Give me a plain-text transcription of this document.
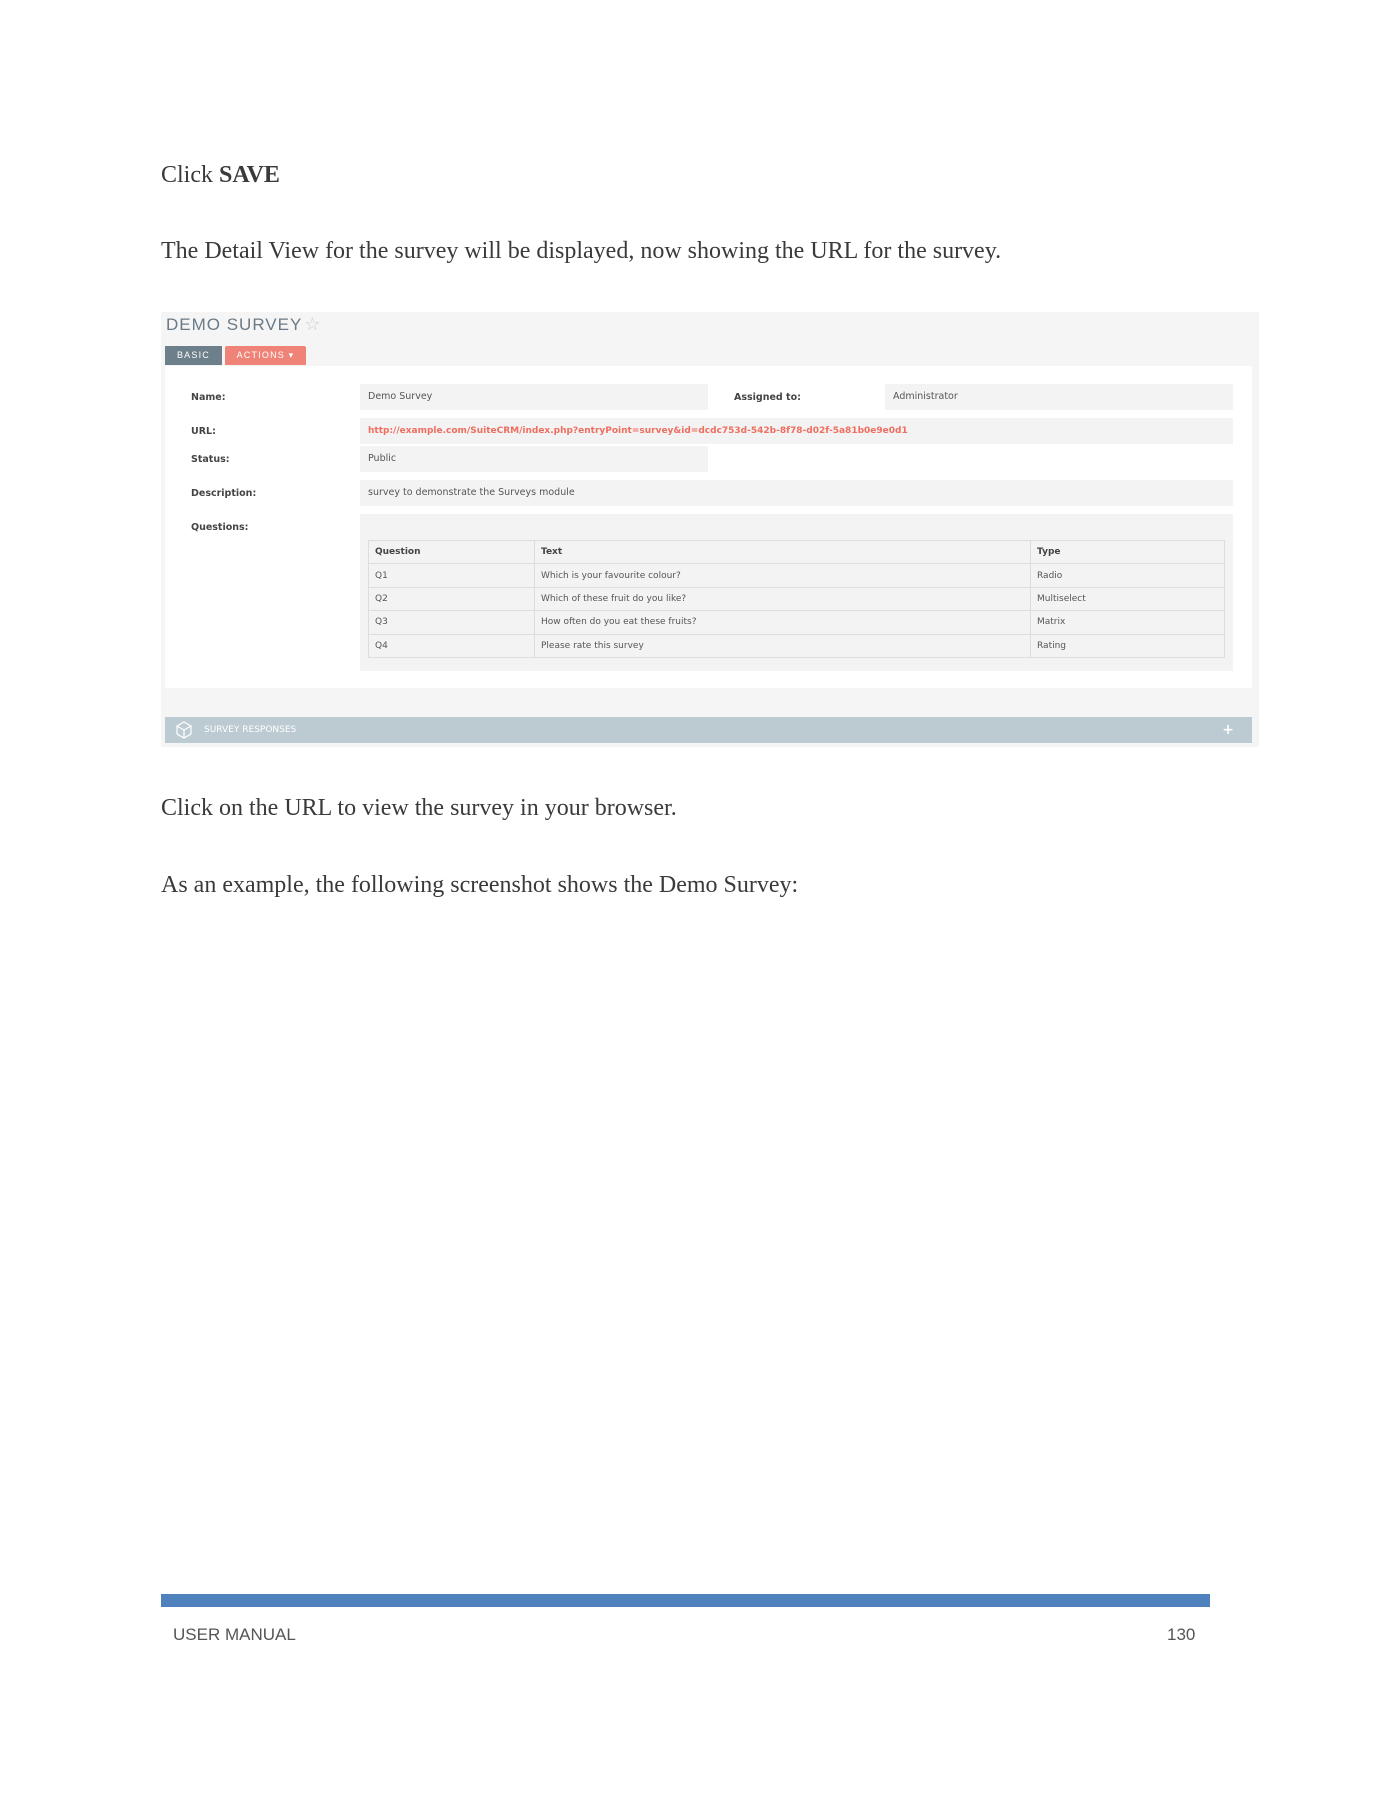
Click SAVE
The Detail View for the survey will be displayed, now showing the URL for the survey.
DEMO SURVEY ☆
BASIC	ACTIONS ▾
Name:	Demo Survey	Assigned to:	Administrator
URL:	http://example.com/SuiteCRM/index.php?entryPoint=survey&id=dcdc753d-542b-8f78-d02f-5a81b0e9e0d1
Status:	Public
Description:	survey to demonstrate the Surveys module
Questions:
Question	Text	Type
Q1	Which is your favourite colour?	Radio
Q2	Which of these fruit do you like?	Multiselect
Q3	How often do you eat these fruits?	Matrix
Q4	Please rate this survey	Rating
SURVEY RESPONSES	+
Click on the URL to view the survey in your browser.
As an example, the following screenshot shows the Demo Survey:
USER MANUAL	130
